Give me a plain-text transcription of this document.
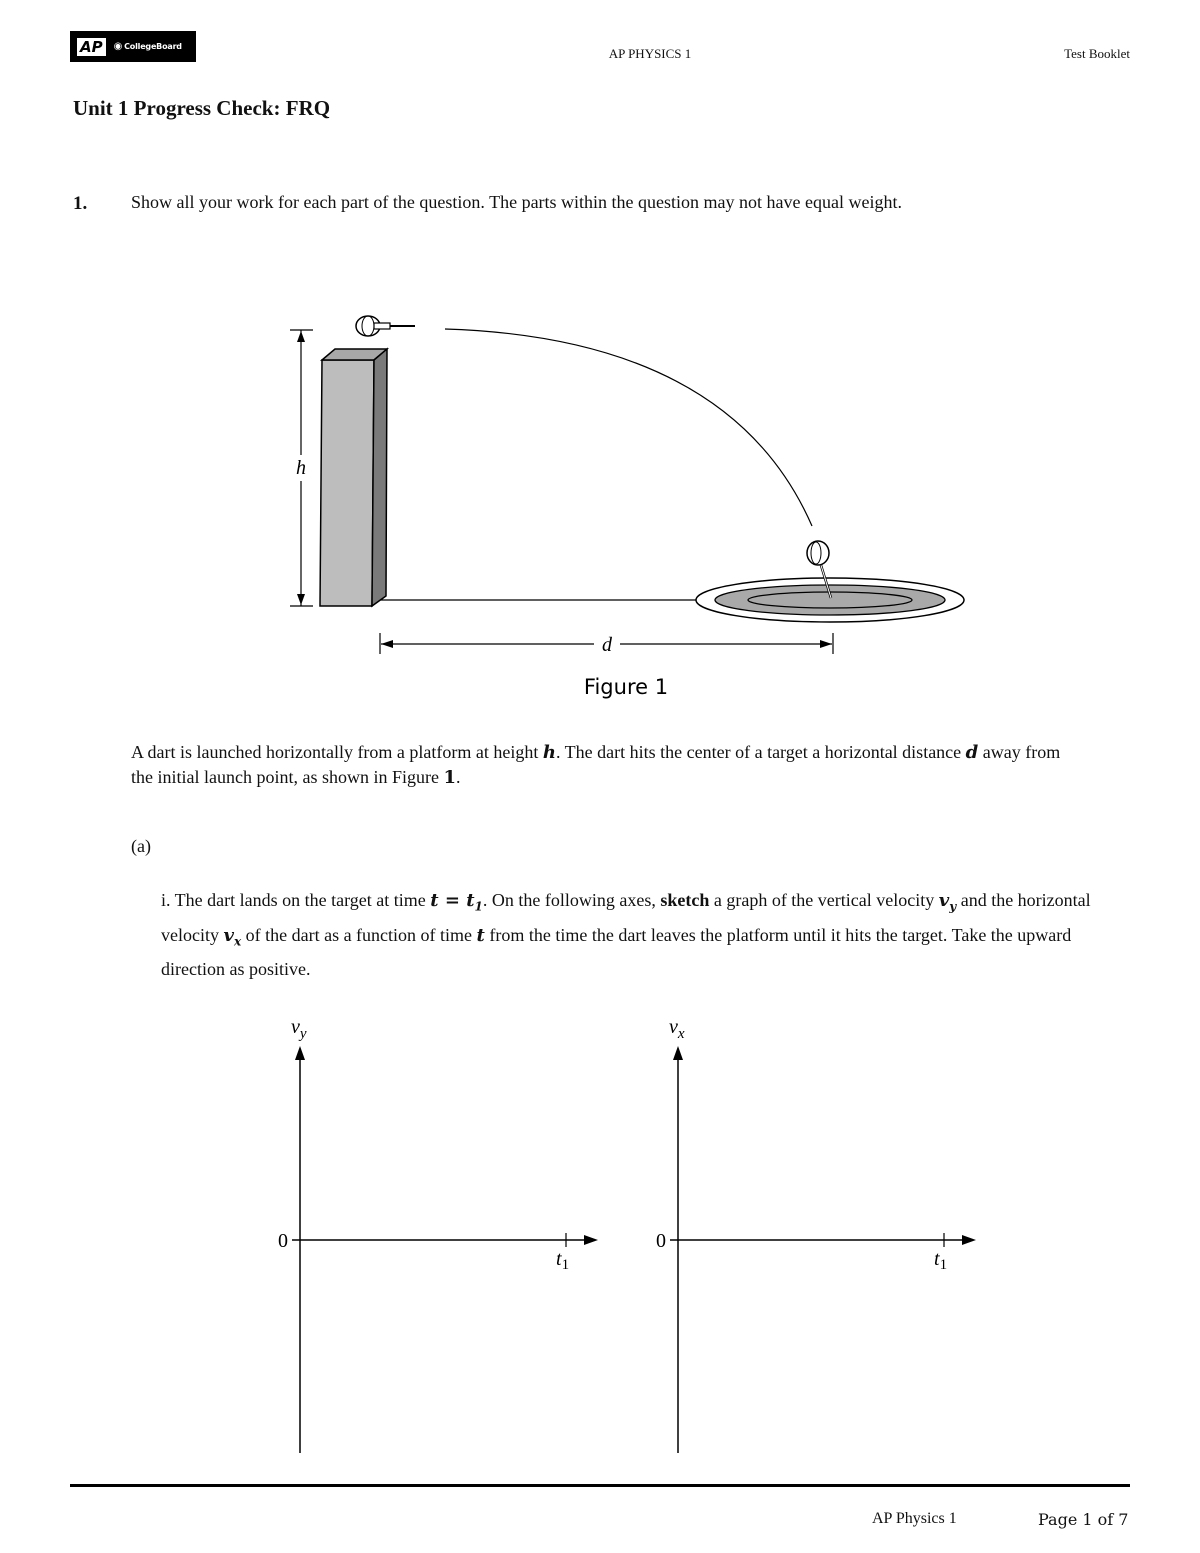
AP	◉ CollegeBoard	AP PHYSICS 1	Test Booklet
Unit 1 Progress Check: FRQ
1. Show all your work for each part of the question. The parts within the question may not have equal weight.
h
d
Figure 1
A dart is launched horizontally from a platform at height h. The dart hits the center of a target a horizontal distance d away from the initial launch point, as shown in Figure 1.
(a)
i. The dart lands on the target at time $t = t_1$. On the following axes, sketch a graph of the vertical velocity $v_y$ and the horizontal velocity $v_x$ of the dart as a function of time t from the time the dart leaves the platform until it hits the target. Take the upward direction as positive.
$v_y$
0
$t_1$
$v_x$
0
$t_1$
AP Physics 1	Page 1 of 7
